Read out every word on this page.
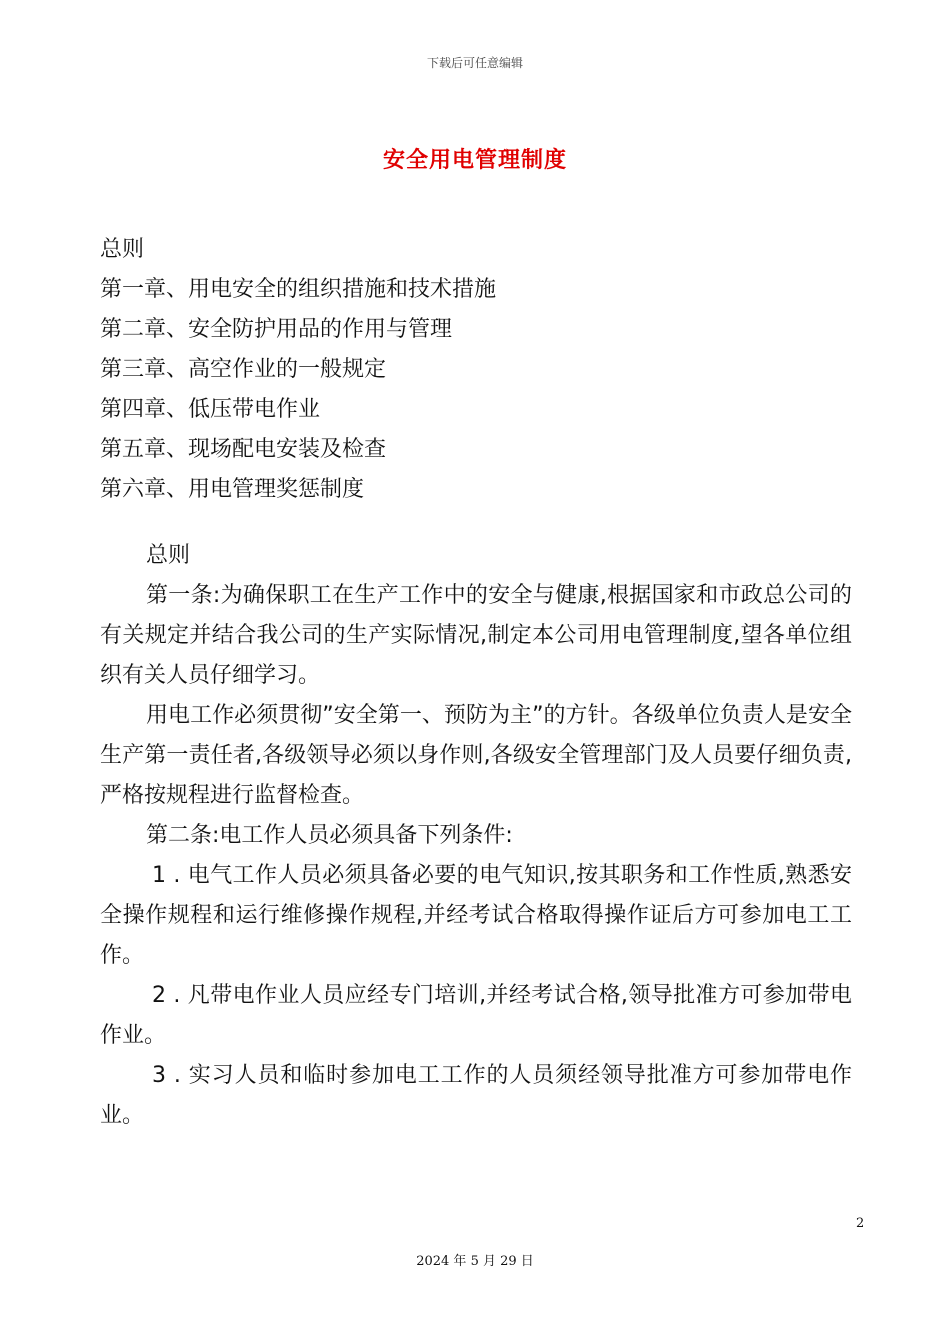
下载后可任意编辑
安全用电管理制度
总则
第一章、用电安全的组织措施和技术措施
第二章、安全防护用品的作用与管理
第三章、高空作业的一般规定
第四章、低压带电作业
第五章、现场配电安装及检查
第六章、用电管理奖惩制度

总则

第一条:为确保职工在生产工作中的安全与健康,根据国家和市政总公司的有关规定并结合我公司的生产实际情况,制定本公司用电管理制度,望各单位组织有关人员仔细学习。

用电工作必须贯彻”安全第一、预防为主”的方针。各级单位负责人是安全生产第一责任者,各级领导必须以身作则,各级安全管理部门及人员要仔细负责,严格按规程进行监督检查。

第二条:电工作人员必须具备下列条件:

1 . 电气工作人员必须具备必要的电气知识,按其职务和工作性质,熟悉安全操作规程和运行维修操作规程,并经考试合格取得操作证后方可参加电工工作。

2 . 凡带电作业人员应经专门培训,并经考试合格,领导批准方可参加带电作业。

3 . 实习人员和临时参加电工工作的人员须经领导批准方可参加带电作业。

2
2024 年 5 月 29 日
